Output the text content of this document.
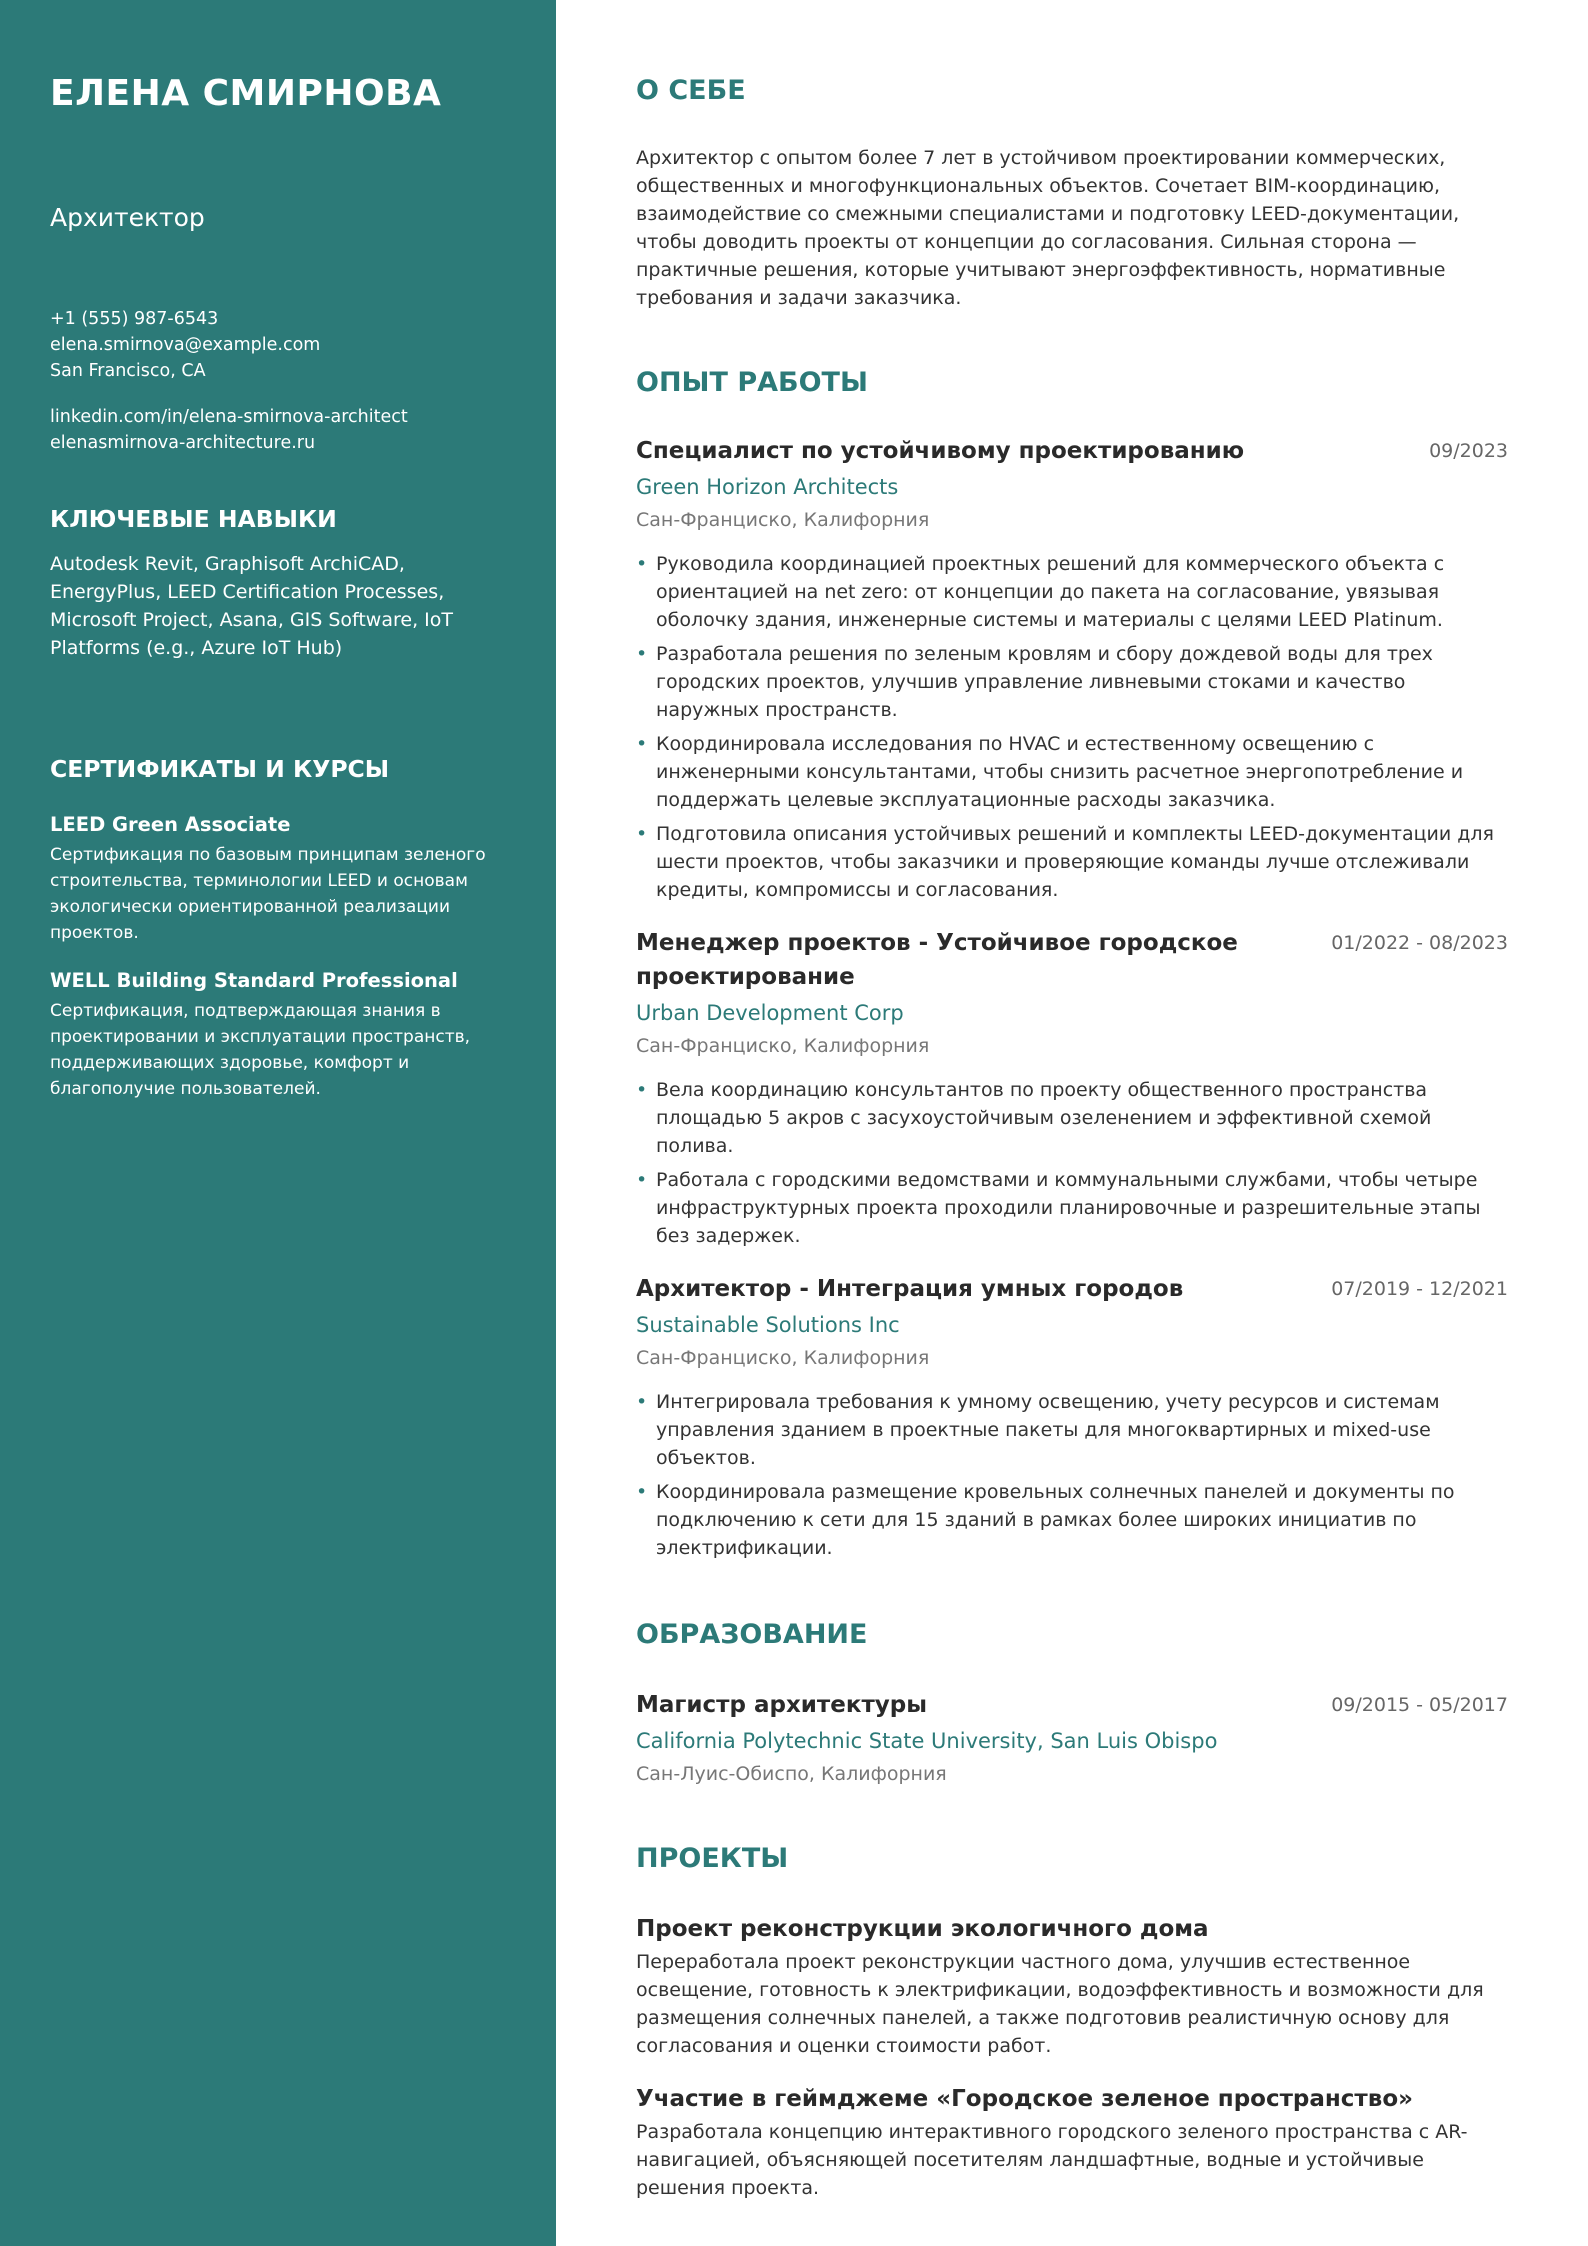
ЕЛЕНА СМИРНОВА
Архитектор
+1 (555) 987-6543
elena.smirnova@example.com
San Francisco, CA
linkedin.com/in/elena-smirnova-architect
elenasmirnova-architecture.ru
КЛЮЧЕВЫЕ НАВЫКИ
Autodesk Revit, Graphisoft ArchiCAD, EnergyPlus, LEED Certification Processes, Microsoft Project, Asana, GIS Software, IoT Platforms (e.g., Azure IoT Hub)
СЕРТИФИКАТЫ И КУРСЫ
LEED Green Associate
Сертификация по базовым принципам зеленого строительства, терминологии LEED и основам экологически ориентированной реализации проектов.
WELL Building Standard Professional
Сертификация, подтверждающая знания в проектировании и эксплуатации пространств, поддерживающих здоровье, комфорт и благополучие пользователей.
О СЕБЕ
Архитектор с опытом более 7 лет в устойчивом проектировании коммерческих, общественных и многофункциональных объектов. Сочетает BIM-координацию, взаимодействие со смежными специалистами и подготовку LEED-документации, чтобы доводить проекты от концепции до согласования. Сильная сторона — практичные решения, которые учитывают энергоэффективность, нормативные требования и задачи заказчика.
ОПЫТ РАБОТЫ
Специалист по устойчивому проектированию	09/2023
Green Horizon Architects
Сан-Франциско, Калифорния
• Руководила координацией проектных решений для коммерческого объекта с ориентацией на net zero: от концепции до пакета на согласование, увязывая оболочку здания, инженерные системы и материалы с целями LEED Platinum.
• Разработала решения по зеленым кровлям и сбору дождевой воды для трех городских проектов, улучшив управление ливневыми стоками и качество наружных пространств.
• Координировала исследования по HVAC и естественному освещению с инженерными консультантами, чтобы снизить расчетное энергопотребление и поддержать целевые эксплуатационные расходы заказчика.
• Подготовила описания устойчивых решений и комплекты LEED-документации для шести проектов, чтобы заказчики и проверяющие команды лучше отслеживали кредиты, компромиссы и согласования.
Менеджер проектов - Устойчивое городское проектирование
01/2022 - 08/2023
Urban Development Corp
Сан-Франциско, Калифорния
• Вела координацию консультантов по проекту общественного пространства площадью 5 акров с засухоустойчивым озеленением и эффективной схемой полива.
• Работала с городскими ведомствами и коммунальными службами, чтобы четыре инфраструктурных проекта проходили планировочные и разрешительные этапы без задержек.
Архитектор - Интеграция умных городов	07/2019 - 12/2021
Sustainable Solutions Inc
Сан-Франциско, Калифорния
• Интегрировала требования к умному освещению, учету ресурсов и системам управления зданием в проектные пакеты для многоквартирных и mixed-use объектов.
• Координировала размещение кровельных солнечных панелей и документы по подключению к сети для 15 зданий в рамках более широких инициатив по электрификации.
ОБРАЗОВАНИЕ
Магистр архитектуры	09/2015 - 05/2017
California Polytechnic State University, San Luis Obispo
Сан-Луис-Обиспо, Калифорния
ПРОЕКТЫ
Проект реконструкции экологичного дома
Переработала проект реконструкции частного дома, улучшив естественное освещение, готовность к электрификации, водоэффективность и возможности для размещения солнечных панелей, а также подготовив реалистичную основу для согласования и оценки стоимости работ.
Участие в геймджеме «Городское зеленое пространство»
Разработала концепцию интерактивного городского зеленого пространства с AR-навигацией, объясняющей посетителям ландшафтные, водные и устойчивые решения проекта.
